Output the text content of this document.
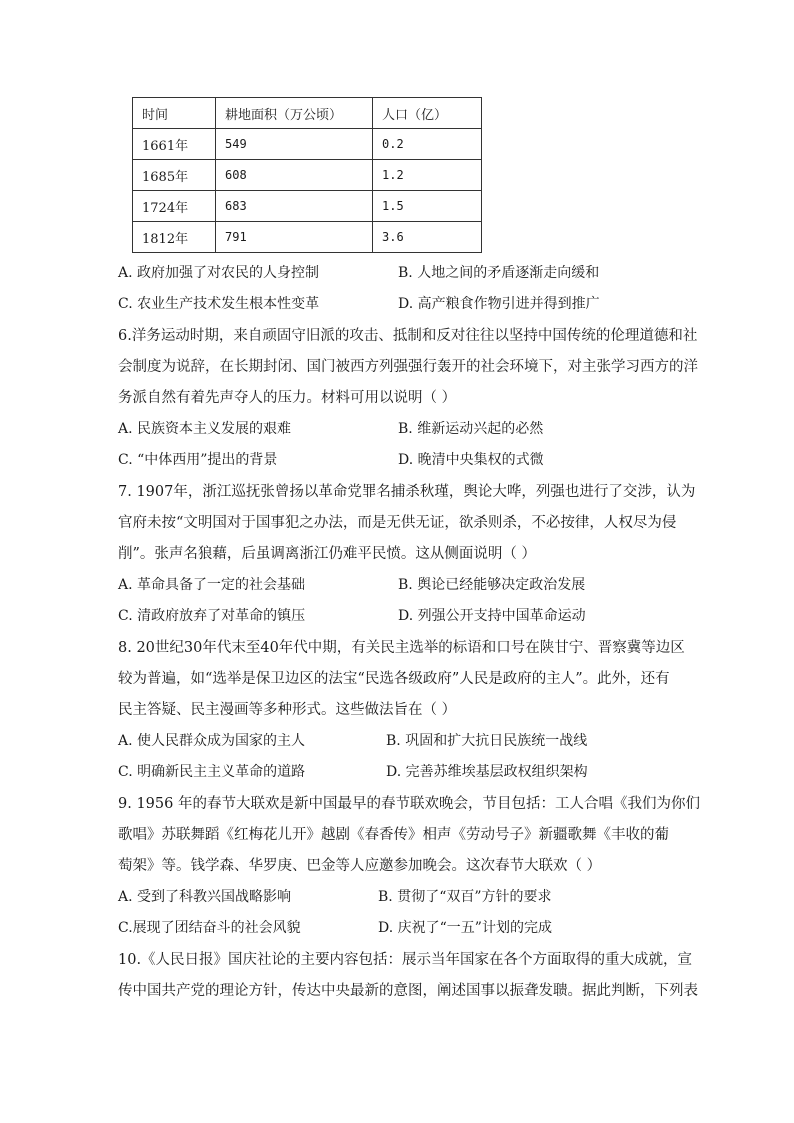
时间	耕地面积（万公顷）	人口（亿）
1661年	549	0.2
1685年	608	1.2
1724年	683	1.5
1812年	791	3.6
A. 政府加强了对农民的人身控制	B. 人地之间的矛盾逐渐走向缓和
C. 农业生产技术发生根本性变革	D. 高产粮食作物引进并得到推广
6.洋务运动时期，来自顽固守旧派的攻击、抵制和反对往往以坚持中国传统的伦理道德和社
会制度为说辞，在长期封闭、国门被西方列强强行轰开的社会环境下，对主张学习西方的洋
务派自然有着先声夺人的压力。材料可用以说明（ ）
A. 民族资本主义发展的艰难	B. 维新运动兴起的必然
C. “中体西用”提出的背景	D. 晚清中央集权的式微
7. 1907年，浙江巡抚张曾扬以革命党罪名捕杀秋瑾，舆论大哗，列强也进行了交涉，认为
官府未按“文明国对于国事犯之办法，而是无供无证，欲杀则杀，不必按律，人权尽为侵
削”。张声名狼藉，后虽调离浙江仍难平民愤。这从侧面说明（ ）
A. 革命具备了一定的社会基础	B. 舆论已经能够决定政治发展
C. 清政府放弃了对革命的镇压	D. 列强公开支持中国革命运动
8. 20世纪30年代末至40年代中期，有关民主选举的标语和口号在陕甘宁、晋察冀等边区
较为普遍，如“选举是保卫边区的法宝“民选各级政府”人民是政府的主人”。此外，还有
民主答疑、民主漫画等多种形式。这些做法旨在（ ）
A. 使人民群众成为国家的主人	B. 巩固和扩大抗日民族统一战线
C. 明确新民主主义革命的道路	D. 完善苏维埃基层政权组织架构
9. 1956 年的春节大联欢是新中国最早的春节联欢晚会，节目包括：工人合唱《我们为你们
歌唱》苏联舞蹈《红梅花儿开》越剧《春香传》相声《劳动号子》新疆歌舞《丰收的葡
萄架》等。钱学森、华罗庚、巴金等人应邀参加晚会。这次春节大联欢（ ）
A. 受到了科教兴国战略影响	B. 贯彻了“双百”方针的要求
C.展现了团结奋斗的社会风貌	D. 庆祝了“一五”计划的完成
10.《人民日报》国庆社论的主要内容包括：展示当年国家在各个方面取得的重大成就，宣
传中国共产党的理论方针，传达中央最新的意图，阐述国事以振聋发聩。据此判断，下列表
